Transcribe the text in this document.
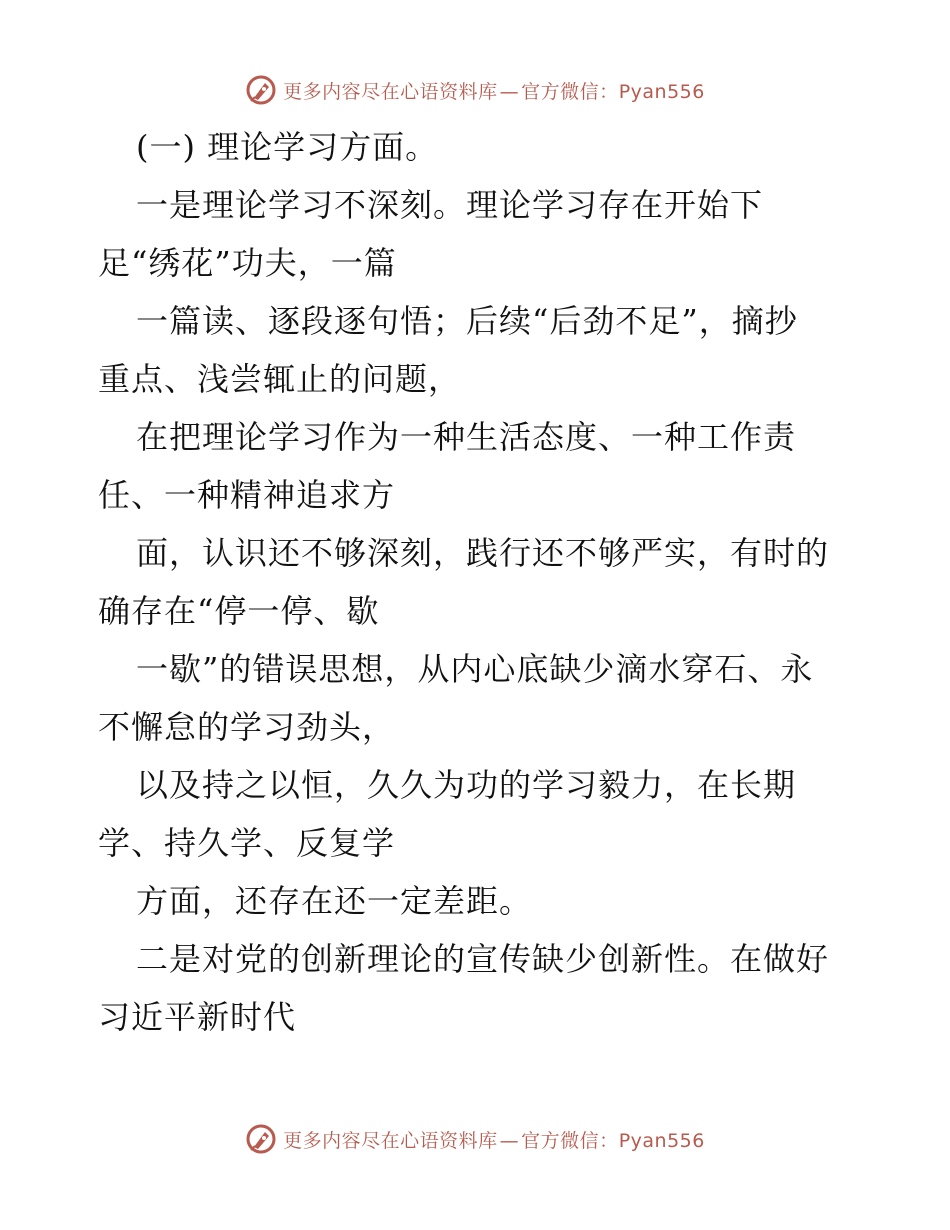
更多内容尽在心语资料库 — 官方微信：Pyan556
(一) 理论学习方面。
一是理论学习不深刻。理论学习存在开始下
足“绣花”功夫，一篇
一篇读、逐段逐句悟；后续“后劲不足”，摘抄
重点、浅尝辄止的问题，
在把理论学习作为一种生活态度、一种工作责
任、一种精神追求方
面，认识还不够深刻，践行还不够严实，有时的
确存在“停一停、歇
一歇”的错误思想，从内心底缺少滴水穿石、永
不懈怠的学习劲头，
以及持之以恒，久久为功的学习毅力，在长期
学、持久学、反复学
方面，还存在还一定差距。
二是对党的创新理论的宣传缺少创新性。在做好
习近平新时代
更多内容尽在心语资料库 — 官方微信：Pyan556
